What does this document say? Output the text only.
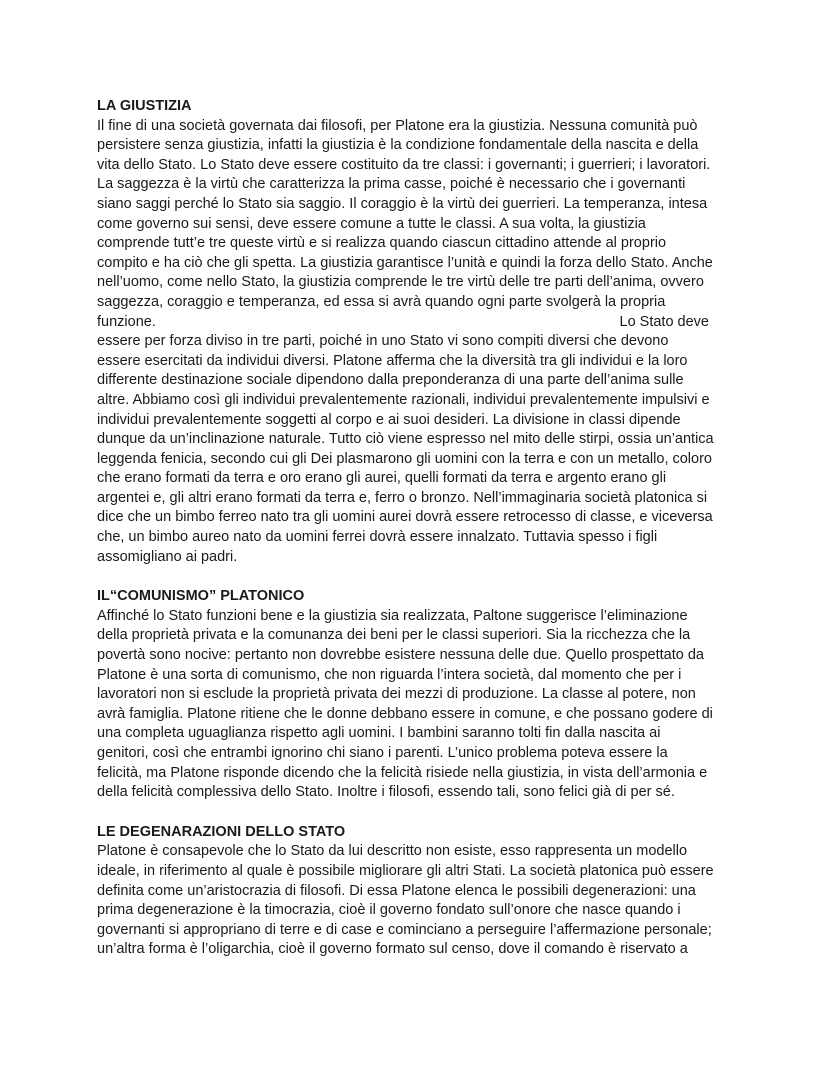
LA GIUSTIZIA

Il fine di una società governata dai filosofi, per Platone era la giustizia. Nessuna comunità può

persistere senza giustizia, infatti la giustizia è la condizione fondamentale della nascita e della

vita dello Stato. Lo Stato deve essere costituito da tre classi: i governanti; i guerrieri; i lavoratori.

La saggezza è la virtù che caratterizza la prima casse, poiché è necessario che i governanti

siano saggi perché lo Stato sia saggio. Il coraggio è la virtù dei guerrieri. La temperanza, intesa

come governo sui sensi, deve essere comune a tutte le classi. A sua volta, la giustizia

comprende tutt’e tre queste virtù e si realizza quando ciascun cittadino attende al proprio

compito e ha ciò che gli spetta. La giustizia garantisce l’unità e quindi la forza dello Stato. Anche

nell’uomo, come nello Stato, la giustizia comprende le tre virtù delle tre parti dell’anima, ovvero

saggezza, coraggio e temperanza, ed essa si avrà quando ogni parte svolgerà la propria

funzione.	Lo Stato deve

essere per forza diviso in tre parti, poiché in uno Stato vi sono compiti diversi che devono

essere esercitati da individui diversi. Platone afferma che la diversità tra gli individui e la loro

differente destinazione sociale dipendono dalla preponderanza di una parte dell’anima sulle

altre. Abbiamo così gli individui prevalentemente razionali, individui prevalentemente impulsivi e

individui prevalentemente soggetti al corpo e ai suoi desideri. La divisione in classi dipende

dunque da un’inclinazione naturale. Tutto ciò viene espresso nel mito delle stirpi, ossia un’antica

leggenda fenicia, secondo cui gli Dei plasmarono gli uomini con la terra e con un metallo, coloro

che erano formati da terra e oro erano gli aurei, quelli formati da terra e argento erano gli

argentei e, gli altri erano formati da terra e, ferro o bronzo. Nell’immaginaria società platonica si

dice che un bimbo ferreo nato tra gli uomini aurei dovrà essere retrocesso di classe, e viceversa

che, un bimbo aureo nato da uomini ferrei dovrà essere innalzato. Tuttavia spesso i figli

assomigliano ai padri.

IL“COMUNISMO” PLATONICO

Affinché lo Stato funzioni bene e la giustizia sia realizzata, Paltone suggerisce l’eliminazione

della proprietà privata e la comunanza dei beni per le classi superiori. Sia la ricchezza che la

povertà sono nocive: pertanto non dovrebbe esistere nessuna delle due. Quello prospettato da

Platone è una sorta di comunismo, che non riguarda l’intera società, dal momento che per i

lavoratori non si esclude la proprietà privata dei mezzi di produzione. La classe al potere, non

avrà famiglia. Platone ritiene che le donne debbano essere in comune, e che possano godere di

una completa uguaglianza rispetto agli uomini. I bambini saranno tolti fin dalla nascita ai

genitori, così che entrambi ignorino chi siano i parenti. L’unico problema poteva essere la

felicità, ma Platone risponde dicendo che la felicità risiede nella giustizia, in vista dell’armonia e

della felicità complessiva dello Stato. Inoltre i filosofi, essendo tali, sono felici già di per sé.

LE DEGENARAZIONI DELLO STATO

Platone è consapevole che lo Stato da lui descritto non esiste, esso rappresenta un modello

ideale, in riferimento al quale è possibile migliorare gli altri Stati. La società platonica può essere

definita come un’aristocrazia di filosofi. Di essa Platone elenca le possibili degenerazioni: una

prima degenerazione è la timocrazia, cioè il governo fondato sull’onore che nasce quando i

governanti si appropriano di terre e di case e cominciano a perseguire l’affermazione personale;

un’altra forma è l’oligarchia, cioè il governo formato sul censo, dove il comando è riservato a
